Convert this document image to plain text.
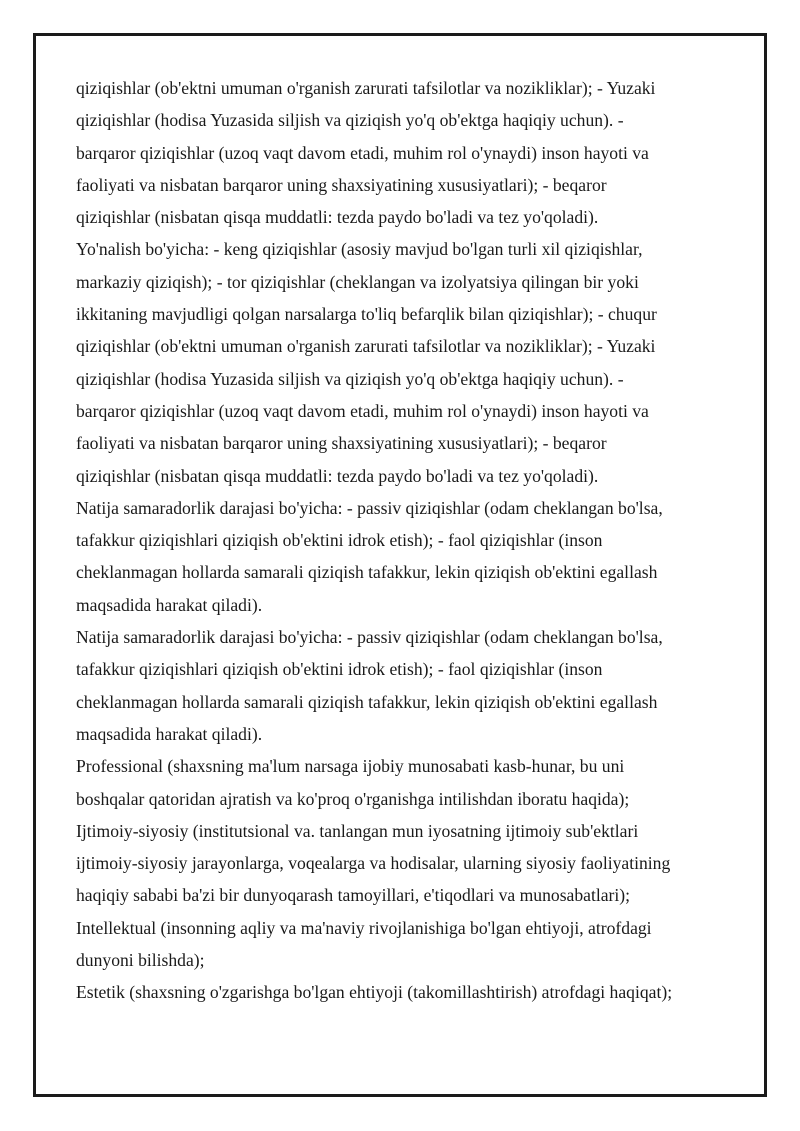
qiziqishlar (ob'ektni umuman o'rganish zarurati tafsilotlar va nozikliklar); - Yuzaki
qiziqishlar (hodisa Yuzasida siljish va qiziqish yo'q ob'ektga haqiqiy uchun). -
barqaror qiziqishlar (uzoq vaqt davom etadi, muhim rol o'ynaydi) inson hayoti va
faoliyati va nisbatan barqaror uning shaxsiyatining xususiyatlari); - beqaror
qiziqishlar (nisbatan qisqa muddatli: tezda paydo bo'ladi va tez yo'qoladi).
Yo'nalish bo'yicha: - keng qiziqishlar (asosiy mavjud bo'lgan turli xil qiziqishlar,
markaziy qiziqish); - tor qiziqishlar (cheklangan va izolyatsiya qilingan bir yoki
ikkitaning mavjudligi qolgan narsalarga to'liq befarqlik bilan qiziqishlar); - chuqur
qiziqishlar (ob'ektni umuman o'rganish zarurati tafsilotlar va nozikliklar); - Yuzaki
qiziqishlar (hodisa Yuzasida siljish va qiziqish yo'q ob'ektga haqiqiy uchun). -
barqaror qiziqishlar (uzoq vaqt davom etadi, muhim rol o'ynaydi) inson hayoti va
faoliyati va nisbatan barqaror uning shaxsiyatining xususiyatlari); - beqaror
qiziqishlar (nisbatan qisqa muddatli: tezda paydo bo'ladi va tez yo'qoladi).
Natija samaradorlik darajasi bo'yicha: - passiv qiziqishlar (odam cheklangan bo'lsa,
tafakkur qiziqishlari qiziqish ob'ektini idrok etish); - faol qiziqishlar (inson
cheklanmagan hollarda samarali qiziqish tafakkur, lekin qiziqish ob'ektini egallash
maqsadida harakat qiladi).
Natija samaradorlik darajasi bo'yicha: - passiv qiziqishlar (odam cheklangan bo'lsa,
tafakkur qiziqishlari qiziqish ob'ektini idrok etish); - faol qiziqishlar (inson
cheklanmagan hollarda samarali qiziqish tafakkur, lekin qiziqish ob'ektini egallash
maqsadida harakat qiladi).
Professional (shaxsning ma'lum narsaga ijobiy munosabati kasb-hunar, bu uni
boshqalar qatoridan ajratish va ko'proq o'rganishga intilishdan iboratu haqida);
Ijtimoiy-siyosiy (institutsional va. tanlangan mun iyosatning ijtimoiy sub'ektlari
ijtimoiy-siyosiy jarayonlarga, voqealarga va hodisalar, ularning siyosiy faoliyatining
haqiqiy sababi ba'zi bir dunyoqarash tamoyillari, e'tiqodlari va munosabatlari);
Intellektual (insonning aqliy va ma'naviy rivojlanishiga bo'lgan ehtiyoji, atrofdagi
dunyoni bilishda);
Estetik (shaxsning o'zgarishga bo'lgan ehtiyoji (takomillashtirish) atrofdagi haqiqat);
